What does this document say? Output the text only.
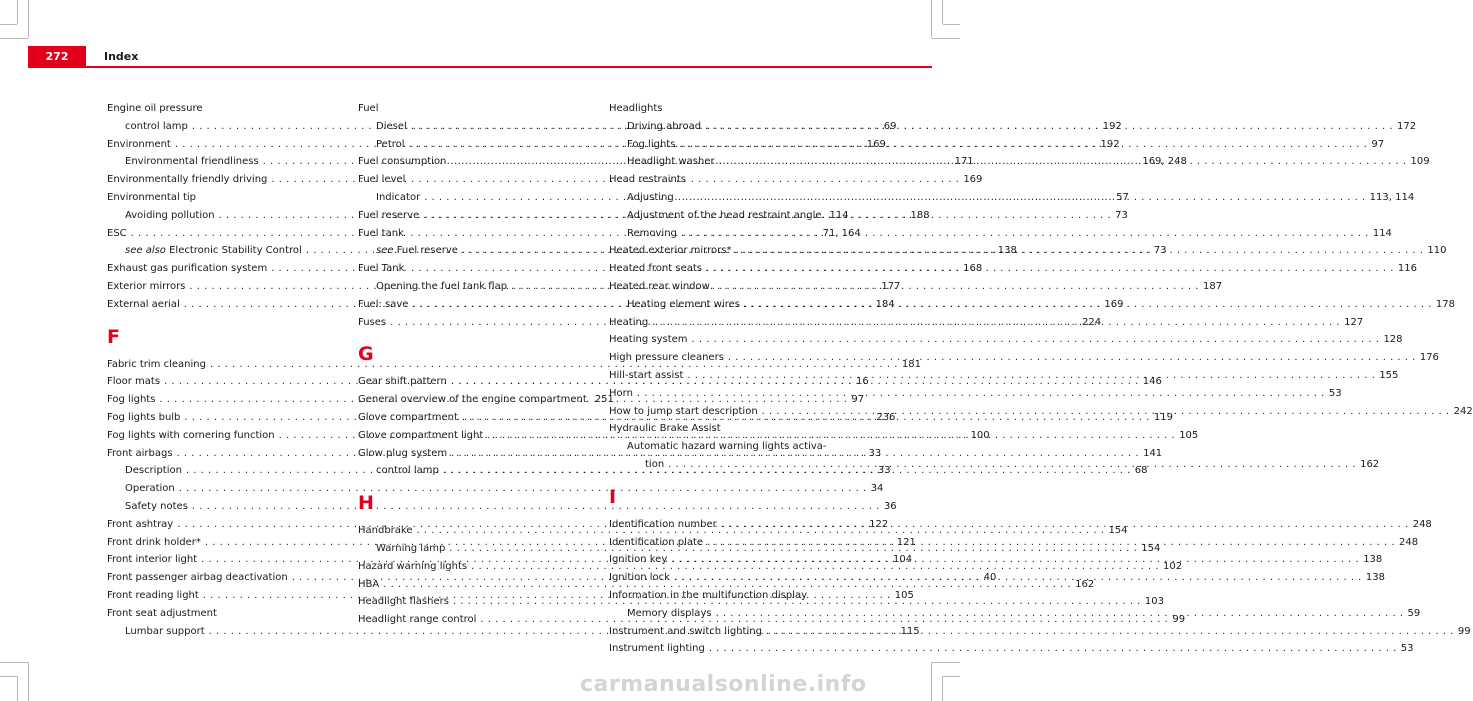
272	Index
Engine oil pressure
control lamp . . .	69
Environment . . .	169
Environmental friendliness . . .	171
Environmentally friendly driving . . .	169
Environmental tip
Avoiding pollution . . .	188
ESC . . .	71, 164
see also Electronic Stability Control . . .	138
Exhaust gas purification system . . .	168
Exterior mirrors . . .	177
External aerial . . .	184
F
Fabric trim cleaning . . .	181
Floor mats . . .	16
Fog lights . . .	97
Fog lights bulb . . .	236
Fog lights with cornering function . . .	100
Front airbags . . .	33
Description . . .	33
Operation . . .	34
Safety notes . . .	36
Front ashtray . . .	122
Front drink holder* . . .	121
Front interior light . . .	104
Front passenger airbag deactivation . . .	40
Front reading light . . .	105
Front seat adjustment
Lumbar support . . .	115
Fuel
Diesel . . .	192
Petrol . . .	192
Fuel consumption . . .	169, 248
Fuel level
Indicator . . .	57
Fuel reserve . . .	73
Fuel tank
see Fuel reserve . . .	73
Fuel Tank
Opening the fuel tank flap . . .	187
Fuel: save . . .	169
Fuses . . .	224
G
Gear shift pattern . . .	146
General overview of the engine compartment 251
Glove compartment . . .	119
Glove compartment light . . .	105
Glow plug system . . .	141
control lamp . . .	68
H
Handbrake . . .	154
Warning lamp . . .	154
Hazard warning lights . . .	102
HBA . . .	162
Headlight flashers . . .	103
Headlight range control . . .	99
Headlights
Driving abroad . . .	172
Fog lights . . .	97
Headlight washer . . .	109
Head restraints
Adjusting . . .	113, 114
Adjustment of the head restraint angle 114
Removing . . .	114
Heated exterior mirrors* . . .	110
Heated front seats . . .	116
Heated rear window
Heating element wires . . .	178
Heating . . .	127
Heating system . . .	128
High pressure cleaners . . .	176
Hill-start assist . . .	155
Horn . . .	53
How to jump start description . . .	242
Hydraulic Brake Assist
Automatic hazard warning lights activa-
tion . . .	162
I
Identification number . . .	248
Identification plate . . .	248
Ignition key . . .	138
Ignition lock . . .	138
Information in the multifunction display
Memory displays . . .	59
Instrument and switch lighting . . .	99
Instrument lighting . . .	53
carmanualsonline.info
